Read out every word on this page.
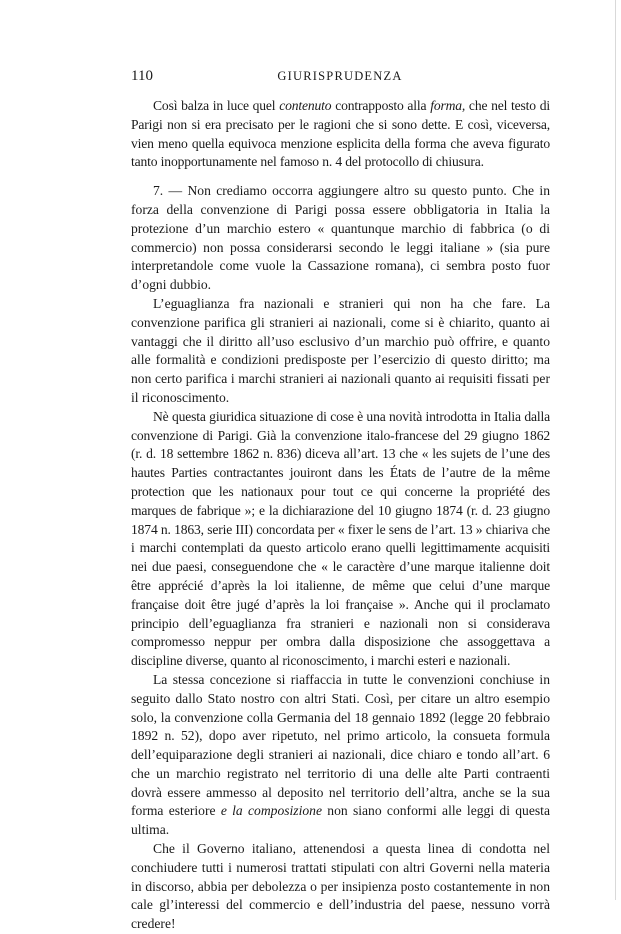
110	GIURISPRUDENZA

Così balza in luce quel contenuto contrapposto alla forma, che nel testo di Parigi non si era precisato per le ragioni che si sono dette. E così, viceversa, vien meno quella equivoca menzione esplicita della forma che aveva figurato tanto inopportunamente nel famoso n. 4 del protocollo di chiusura.

7. — Non crediamo occorra aggiungere altro su questo punto. Che in forza della convenzione di Parigi possa essere obbligatoria in Italia la protezione d’un marchio estero « quantunque marchio di fabbrica (o di commercio) non possa considerarsi secondo le leggi italiane » (sia pure interpretandole come vuole la Cassazione romana), ci sembra posto fuor d’ogni dubbio.

L’eguaglianza fra nazionali e stranieri qui non ha che fare. La convenzione parifica gli stranieri ai nazionali, come si è chiarito, quanto ai vantaggi che il diritto all’uso esclusivo d’un marchio può offrire, e quanto alle formalità e condizioni predisposte per l’esercizio di questo diritto; ma non certo parifica i marchi stranieri ai nazionali quanto ai requisiti fissati per il riconoscimento.

Nè questa giuridica situazione di cose è una novità introdotta in Italia dalla convenzione di Parigi. Già la convenzione italo-francese del 29 giugno 1862 (r. d. 18 settembre 1862 n. 836) diceva all’art. 13 che « les sujets de l’une des hautes Parties contractantes jouiront dans les États de l’autre de la même protection que les nationaux pour tout ce qui concerne la propriété des marques de fabrique »; e la dichiarazione del 10 giugno 1874 (r. d. 23 giugno 1874 n. 1863, serie III) concordata per « fixer le sens de l’art. 13 » chiariva che i marchi contemplati da questo articolo erano quelli legittimamente acquisiti nei due paesi, conseguendone che « le caractère d’une marque italienne doit être apprécié d’après la loi italienne, de même que celui d’une marque française doit être jugé d’après la loi française ». Anche qui il proclamato principio dell’eguaglianza fra stranieri e nazionali non si considerava compromesso neppur per ombra dalla disposizione che assoggettava a discipline diverse, quanto al riconoscimento, i marchi esteri e nazionali.

La stessa concezione si riaffaccia in tutte le convenzioni conchiuse in seguito dallo Stato nostro con altri Stati. Così, per citare un altro esempio solo, la convenzione colla Germania del 18 gennaio 1892 (legge 20 febbraio 1892 n. 52), dopo aver ripetuto, nel primo articolo, la consueta formula dell’equiparazione degli stranieri ai nazionali, dice chiaro e tondo all’art. 6 che un marchio registrato nel territorio di una delle alte Parti contraenti dovrà essere ammesso al deposito nel territorio dell’altra, anche se la sua forma esteriore e la composizione non siano conformi alle leggi di questa ultima.

Che il Governo italiano, attenendosi a questa linea di condotta nel conchiudere tutti i numerosi trattati stipulati con altri Governi nella materia in discorso, abbia per debolezza o per insipienza posto costantemente in non cale gl’interessi del commercio e dell’industria del paese, nessuno vorrà credere!
